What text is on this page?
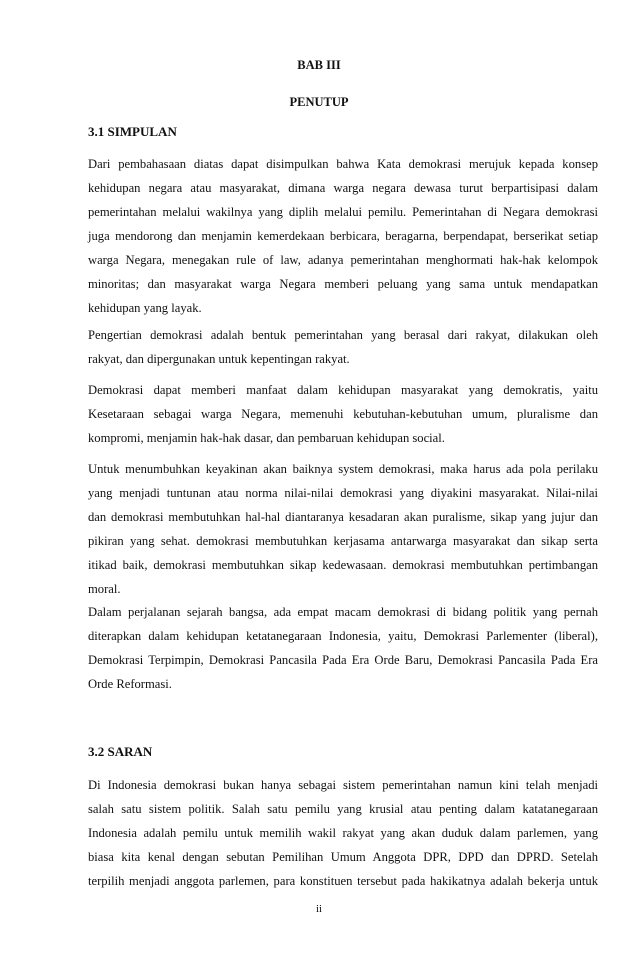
BAB III

PENUTUP

3.1 SIMPULAN

Dari pembahasaan diatas dapat disimpulkan bahwa Kata demokrasi merujuk kepada konsep
kehidupan negara atau masyarakat, dimana warga negara dewasa turut berpartisipasi dalam
pemerintahan melalui wakilnya yang diplih melalui pemilu. Pemerintahan di Negara demokrasi
juga mendorong dan menjamin kemerdekaan berbicara, beragarna, berpendapat, berserikat setiap
warga Negara, menegakan rule of law, adanya pemerintahan menghormati hak-hak kelompok
minoritas; dan masyarakat warga Negara memberi peluang yang sama untuk mendapatkan
kehidupan yang layak.
Pengertian demokrasi adalah bentuk pemerintahan yang berasal dari rakyat, dilakukan oleh
rakyat, dan dipergunakan untuk kepentingan rakyat.
Demokrasi dapat memberi manfaat dalam kehidupan masyarakat yang demokratis, yaitu
Kesetaraan sebagai warga Negara, memenuhi kebutuhan-kebutuhan umum, pluralisme dan
kompromi, menjamin hak-hak dasar, dan pembaruan kehidupan social.
Untuk menumbuhkan keyakinan akan baiknya system demokrasi, maka harus ada pola perilaku
yang menjadi tuntunan atau norma nilai-nilai demokrasi yang diyakini masyarakat. Nilai-nilai
dan demokrasi membutuhkan hal-hal diantaranya kesadaran akan puralisme, sikap yang jujur dan
pikiran yang sehat. demokrasi membutuhkan kerjasama antarwarga masyarakat dan sikap serta
itikad baik, demokrasi membutuhkan sikap kedewasaan. demokrasi membutuhkan pertimbangan
moral.
Dalam perjalanan sejarah bangsa, ada empat macam demokrasi di bidang politik yang pernah
diterapkan dalam kehidupan ketatanegaraan Indonesia, yaitu, Demokrasi Parlementer (liberal),
Demokrasi Terpimpin, Demokrasi Pancasila Pada Era Orde Baru, Demokrasi Pancasila Pada Era
Orde Reformasi.

3.2 SARAN

Di Indonesia demokrasi bukan hanya sebagai sistem pemerintahan namun kini telah menjadi
salah satu sistem politik. Salah satu pemilu yang krusial atau penting dalam katatanegaraan
Indonesia adalah pemilu untuk memilih wakil rakyat yang akan duduk dalam parlemen, yang
biasa kita kenal dengan sebutan Pemilihan Umum Anggota DPR, DPD dan DPRD. Setelah
terpilih menjadi anggota parlemen, para konstituen tersebut pada hakikatnya adalah bekerja untuk

ii
